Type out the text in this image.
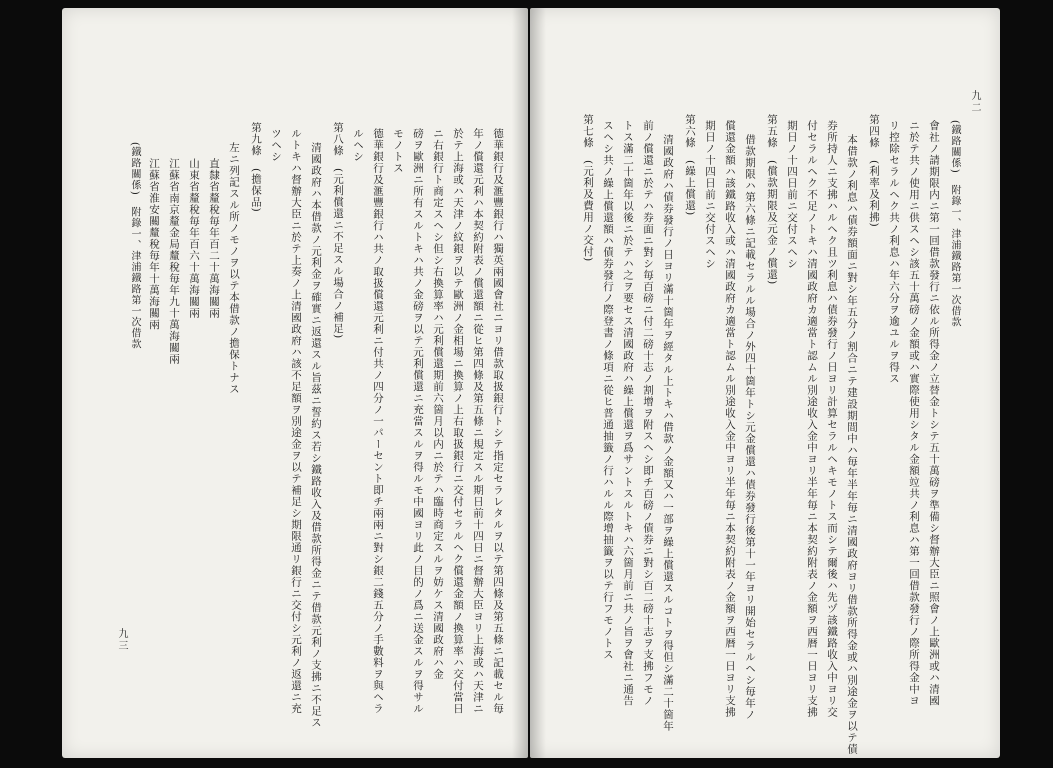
九二
(鐵路關係)　附錄一、津浦鐵路第一次借款
會社ノ請期限内ニ第一回借款發行ニ依ル所得金ノ立替金トシテ五十萬磅ヲ準備シ督辦大臣ニ照會ノ上歐洲或ハ清國
ニ於テ共ノ使用ニ供スヘシ該五十萬磅ノ金額或ハ實際使用シタル金額竝共ノ利息ハ第一回借款發行ノ際所得金中ヨ
リ控除セラルヘク共ノ利息ハ年六分ヲ逾ユルヲ得ス
第四條　(利率及利拂)
本借款ノ利息ハ債券額面ニ對シ年五分ノ割合ニテ建設期間中ハ毎年半年毎ニ清國政府ヨリ借款所得金或ハ別途金ヲ以テ債
券所持人ニ支拂ハルヘク且ツ利息ハ債券發行ノ日ヨリ計算セラルヘキモノトス而シテ爾後ハ先ヅ該鐵路收入中ヨリ交
付セラルヘク不足ノトキハ清國政府カ適當ト認ムル別途收入金中ヨリ半年毎ニ本契約附表ノ金額ヲ西暦一日ヨリ支拂
期日ノ十四日前ニ交付スヘシ
第五條　(償款期限及元金ノ償還)
借款期限ハ第六條ニ記載セラルル場合ノ外四十箇年トシ元金償還ハ債券發行後第十一年ヨリ開始セラルヘシ毎年ノ
償還金額ハ該鐵路收入或ハ清國政府カ適當ト認ムル別途收入金中ヨリ半年毎ニ本契約附表ノ金額ヲ西暦一日ヨリ支拂
期日ノ十四日前ニ交付スヘシ
第六條　(繰上償還)
清國政府ハ債券發行ノ日ヨリ滿十箇年ヲ經タル上トキハ借款ノ金額又ハ一部ヲ繰上償還スルコトヲ得但シ滿二十箇年
前ノ償還ニ於テハ券面ニ對シ毎百磅ニ付二磅十志ノ割增ヲ附スヘシ即チ百磅ノ債券ニ對シ百二磅十志ヲ支拂フモノ
トス滿二十箇年以後ニ於テハ之ヲ要セス清國政府ハ繰上償還ヲ爲サントスルトキハ六箇月前ニ共ノ旨ヲ會社ニ通告
スヘシ共ノ繰上償還額ハ債券發行ノ際登書ノ條項ニ從ヒ普通抽籤ノ行ハルル際增抽籤ヲ以テ行フモノトス
第七條　(元利及費用ノ交付)
九三	德華銀行及滙豐銀行ハ獨英兩國會社ニヨリ借款取扱銀行トシテ指定セラレタルヲ以テ第四條及第五條ニ記載セル毎
年ノ償還元利ハ本契約附表ノ償還額ニ從ヒ第四條及第五條ニ規定スル期日前十四日ニ督辦大臣ヨリ上海或ハ天津ニ
於テ上海或ハ天津ノ紋銀ヲ以テ歐洲ノ金相場ニ換算ノ上右取扱銀行ニ交付セラルヘク償還金額ノ換算率ハ交付當日
ニ右銀行ト商定スヘシ但シ右換算率ハ元利償還期前六箇月以内ニ於テハ臨時商定スルヲ妨ケス清國政府ハ金
磅ヲ歐洲ニ所有スルトキハ共ノ金磅ヲ以テ元利償還ニ充當スルヲ得ルモ中國ヨリ此ノ目的ノ爲ニ送金スルヲ得サル
モノトス
德華銀行及滙豐銀行ハ共ノ取扱償還元利ニ付共ノ四分ノ一パーセント即チ兩兩ニ對シ銀二錢五分ノ手數料ヲ與ヘラ
ルヘシ
第八條　(元利償還ニ不足スル場合ノ補足)
清國政府ハ本借款ノ元利金ヲ確實ニ返還スル旨茲ニ誓約ス若シ鐵路收入及借款所得金ニテ借款元利ノ支拂ニ不足ス
ルトキハ督辦大臣ニ於テ上奏ノ上清國政府ハ該不足額ヲ別途金ヲ以テ補足シ期限通リ銀行ニ交付シ元利ノ返還ニ充
ツヘシ
第九條　(擔保品)
左ニ列記スル所ノモノヲ以テ本借款ノ擔保トナス
直隸省釐稅毎年百二十萬海關兩
山東省釐稅毎年百六十萬海關兩
江蘇省南京釐金局釐稅毎年九十萬海關兩
江蘇省淮安關釐稅毎年十萬海關兩
(鐵路關係)　附錄一、津浦鐵路第一次借款
